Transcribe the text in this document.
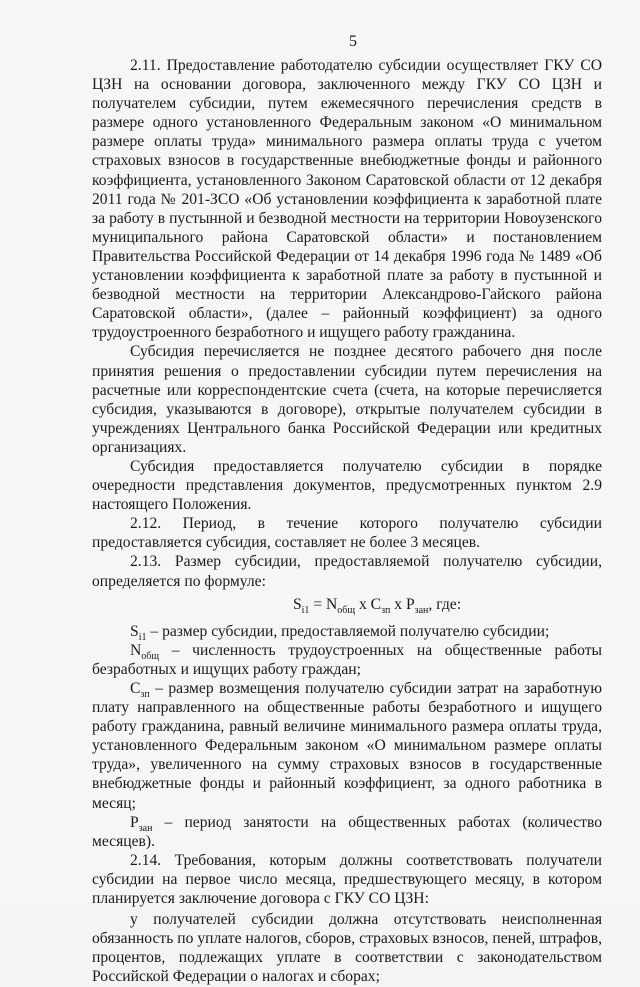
5

2.11. Предоставление работодателю субсидии осуществляет ГКУ СО ЦЗН на основании договора, заключенного между ГКУ СО ЦЗН и получателем субсидии, путем ежемесячного перечисления средств в размере одного установленного Федеральным законом «О минимальном размере оплаты труда» минимального размера оплаты труда с учетом страховых взносов в государственные внебюджетные фонды и районного коэффициента, установленного Законом Саратовской области от 12 декабря 2011 года № 201-ЗСО «Об установлении коэффициента к заработной плате за работу в пустынной и безводной местности на территории Новоузенского муниципального района Саратовской области» и постановлением Правительства Российской Федерации от 14 декабря 1996 года № 1489 «Об установлении коэффициента к заработной плате за работу в пустынной и безводной местности на территории Александрово-Гайского района Саратовской области», (далее – районный коэффициент) за одного трудоустроенного безработного и ищущего работу гражданина.

Субсидия перечисляется не позднее десятого рабочего дня после принятия решения о предоставлении субсидии путем перечисления на расчетные или корреспондентские счета (счета, на которые перечисляется субсидия, указываются в договоре), открытые получателем субсидии в учреждениях Центрального банка Российской Федерации или кредитных организациях.

Субсидия предоставляется получателю субсидии в порядке очередности представления документов, предусмотренных пунктом 2.9 настоящего Положения.

2.12. Период, в течение которого получателю субсидии предоставляется субсидия, составляет не более 3 месяцев.

2.13. Размер субсидии, предоставляемой получателю субсидии, определяется по формуле:

$S_{i1} = N_{общ}$ x $С_{зп}$ x $Р_{зан}$, где:

$S_{i1}$ – размер субсидии, предоставляемой получателю субсидии;

$N_{общ}$ – численность трудоустроенных на общественные работы безработных и ищущих работу граждан;

$С_{зп}$ – размер возмещения получателю субсидии затрат на заработную плату направленного на общественные работы безработного и ищущего работу гражданина, равный величине минимального размера оплаты труда, установленного Федеральным законом «О минимальном размере оплаты труда», увеличенного на сумму страховых взносов в государственные внебюджетные фонды и районный коэффициент, за одного работника в месяц;

$Р_{зан}$ – период занятости на общественных работах (количество месяцев).

2.14. Требования, которым должны соответствовать получатели субсидии на первое число месяца, предшествующего месяцу, в котором планируется заключение договора с ГКУ СО ЦЗН:

у получателей субсидии должна отсутствовать неисполненная обязанность по уплате налогов, сборов, страховых взносов, пеней, штрафов, процентов, подлежащих уплате в соответствии с законодательством Российской Федерации о налогах и сборах;
